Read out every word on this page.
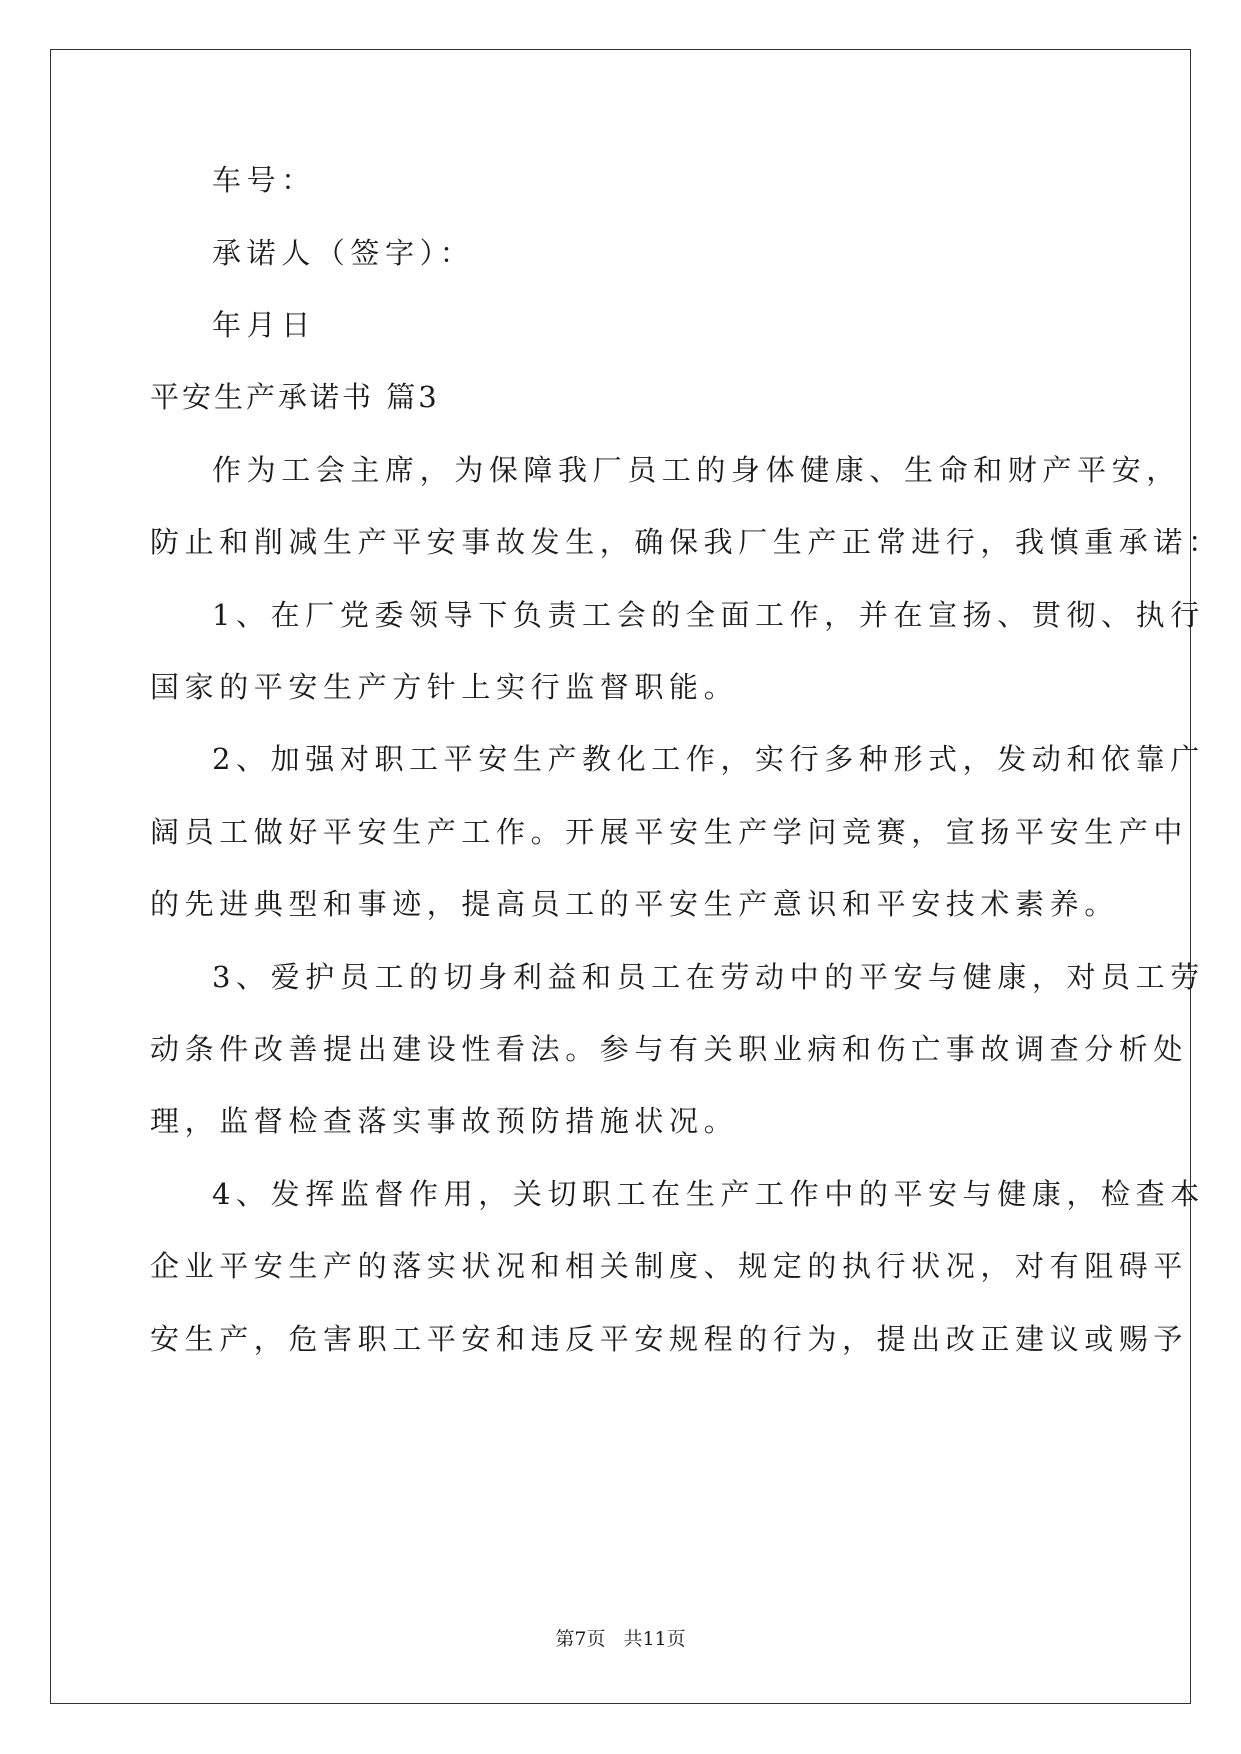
车号：
承诺人（签字）：
年月日
平安生产承诺书 篇3
作为工会主席，为保障我厂员工的身体健康、生命和财产平安，
防止和削减生产平安事故发生，确保我厂生产正常进行，我慎重承诺：
1、在厂党委领导下负责工会的全面工作，并在宣扬、贯彻、执行
国家的平安生产方针上实行监督职能。
2、加强对职工平安生产教化工作，实行多种形式，发动和依靠广
阔员工做好平安生产工作。开展平安生产学问竞赛，宣扬平安生产中
的先进典型和事迹，提高员工的平安生产意识和平安技术素养。
3、爱护员工的切身利益和员工在劳动中的平安与健康，对员工劳
动条件改善提出建设性看法。参与有关职业病和伤亡事故调查分析处
理，监督检查落实事故预防措施状况。
4、发挥监督作用，关切职工在生产工作中的平安与健康，检查本
企业平安生产的落实状况和相关制度、规定的执行状况，对有阻碍平
安生产，危害职工平安和违反平安规程的行为，提出改正建议或赐予
第7页 共11页
